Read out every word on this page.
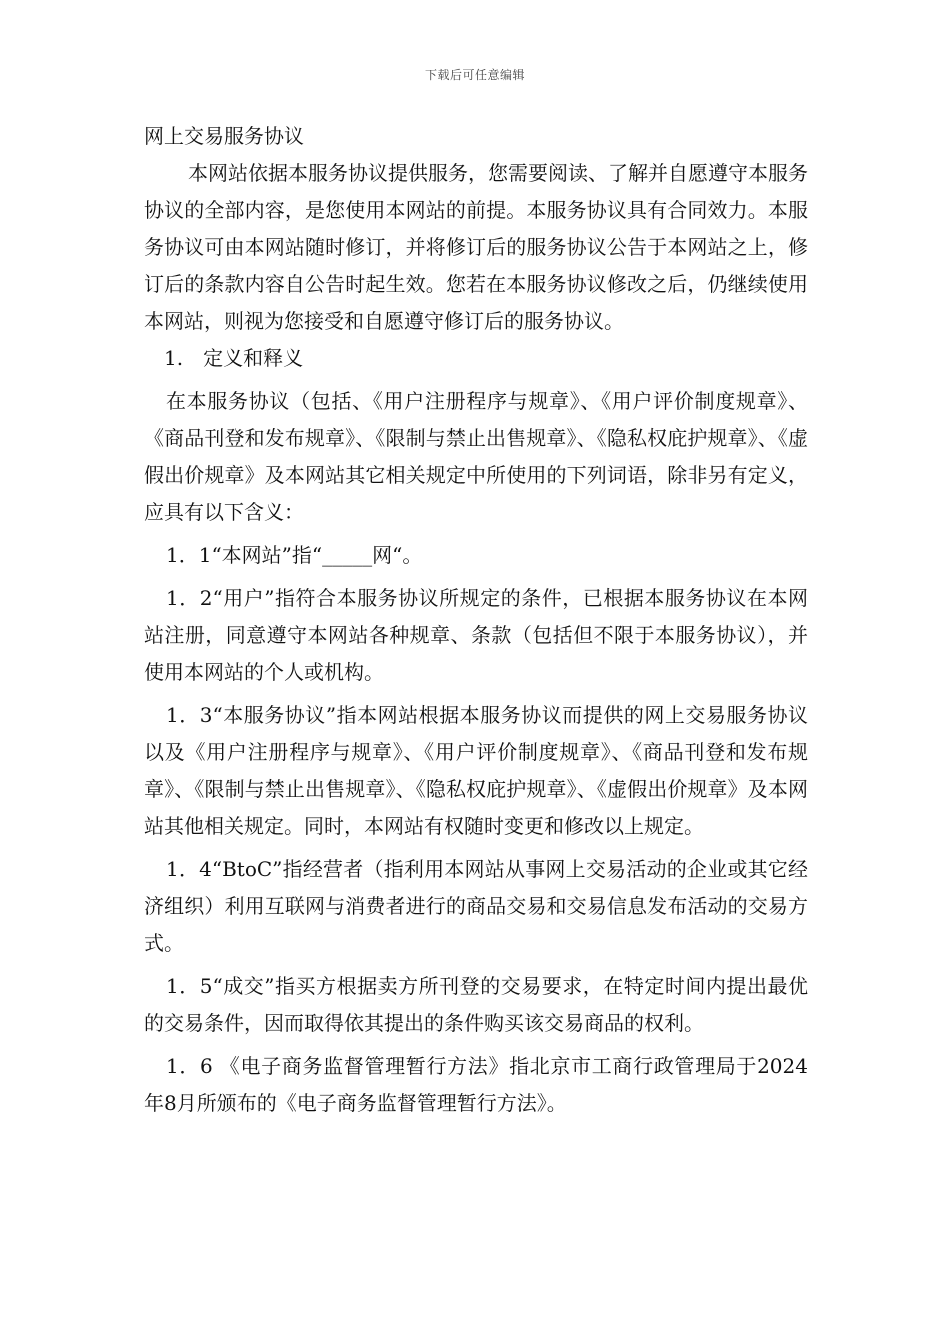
下载后可任意编辑

网上交易服务协议

本网站依据本服务协议提供服务，您需要阅读、了解并自愿遵守本服务协议的全部内容，是您使用本网站的前提。本服务协议具有合同效力。本服务协议可由本网站随时修订，并将修订后的服务协议公告于本网站之上，修订后的条款内容自公告时起生效。您若在本服务协议修改之后，仍继续使用本网站，则视为您接受和自愿遵守修订后的服务协议。

1.　定义和释义

在本服务协议（包括、《用户注册程序与规章》、《用户评价制度规章》、《商品刊登和发布规章》、《限制与禁止出售规章》、《隐私权庇护规章》、《虚假出价规章》及本网站其它相关规定中所使用的下列词语，除非另有定义，应具有以下含义：

1．1“本网站”指“_____网“。

1．2“用户”指符合本服务协议所规定的条件，已根据本服务协议在本网站注册，同意遵守本网站各种规章、条款（包括但不限于本服务协议），并使用本网站的个人或机构。

1．3“本服务协议”指本网站根据本服务协议而提供的网上交易服务协议以及《用户注册程序与规章》、《用户评价制度规章》、《商品刊登和发布规章》、《限制与禁止出售规章》、《隐私权庇护规章》、《虚假出价规章》及本网站其他相关规定。同时，本网站有权随时变更和修改以上规定。

1．4“BtoC”指经营者（指利用本网站从事网上交易活动的企业或其它经济组织）利用互联网与消费者进行的商品交易和交易信息发布活动的交易方式。

1．5“成交”指买方根据卖方所刊登的交易要求，在特定时间内提出最优的交易条件，因而取得依其提出的条件购买该交易商品的权利。

1．6 《电子商务监督管理暂行方法》指北京市工商行政管理局于2024年8月所颁布的《电子商务监督管理暂行方法》。
